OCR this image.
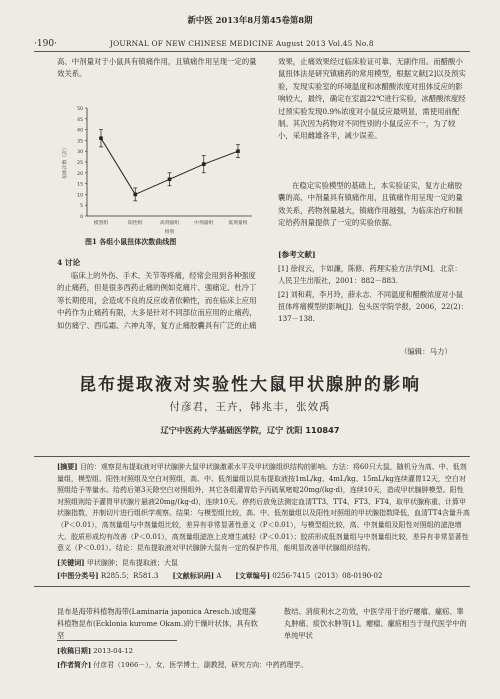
新中医 2013年8月第45卷第8期
·190·	JOURNAL OF NEW CHINESE MEDICINE August 2013 Vol.45 No.8
高、中剂量对于小鼠具有镇痛作用，且镇痛作用呈现一定的量效关系。
0
5
10
15
20
25
30
35
40
45
50
扭体次数（次）
模型组	阳性组	高剂量组	中剂量组	低剂量组
组别
图1 各组小鼠扭体次数曲线图
4 讨论
临床上的外伤、手术、关节等疼痛，经常会用到各种强度的止痛药，但是很多西药止痛的例如克痛片、强痛定、杜冷丁等长期使用，会造成不良的反应或者依赖性，而在临床上应用中药作为止痛药有限，大多是针对不同部位而应用的止痛药，如仿痛宁、西瓜霜、六神丸等，复方止痛胶囊具有广泛的止痛
效果，止痛效果经过临床验证可靠、无副作用。而醋酸小鼠扭体法是研究镇痛药的常用模型，根据文献[2]以及预实验，发现实验室的环境温度和冰醋酸浓度对扭体反应的影响较大，最终，确定在室温22℃进行实验，冰醋酸浓度经过预实验发现0.9%浓度对小鼠反应最明显，需使用前配制。其次因为药物对不同性别的小鼠反应不一，为了较小，采用雌雄各半，减少误差。
在稳定实验模型的基础上，本实验证实，复方止痛胶囊的高、中剂量具有镇痛作用，且镇痛作用呈现一定的量效关系，药物剂量越大，镇痛作用越强，为临床治疗和制定给药剂量提供了一定的实验依据。
[参考文献]
[1] 徐叔云，卞如濂，陈修．药理实验方法学[M]．北京：人民卫生出版社，2001：882－883.
[2] 刘和莉，李月玲，薛永志．不同温度和醋酸浓度对小鼠扭体疼痛模型的影响[J]．包头医学院学报，2006，22(2)：137－138.
（编辑：马力）
昆布提取液对实验性大鼠甲状腺肿的影响
付彦君，王卉，韩兆丰，张效禹
辽宁中医药大学基础医学院，辽宁 沈阳 110847
[摘要] 目的：观察昆布提取液对甲状腺肿大鼠甲状腺激素水平及甲状腺组织结构的影响。方法：将60只大鼠，随机分为高、中、低剂量组，模型组、阳性对照组及空白对照组，高、中、低剂量组以昆布提取液按1mL/kg、4mL/kg、15mL/kg连续灌胃12天，空白对照组给予等量水。给药后第3天除空白对照组外，其它各组灌胃给予丙硫氧嘧啶20mg/(kg·d)，连续10天，造成甲状腺肿模型。阳性对照组则给予灌胃甲状腺片悬液20mg/(kg·d)，连续10天。停药后放免法测定血清TT3、TT4、FT3、FT4，取甲状腺称重、计算甲状腺指数，并制切片进行组织学观察。结果：与模型组比较，高、中、低剂量组以及阳性对照组的甲状腺指数降低，血清TT4含量升高（P＜0.01），高剂量组与中剂量组比较，差异有非常显著性意义（P＜0.01），与模型组比较，高、中剂量组及阳性对照组的滤泡增大、胶质形成均有改善（P＜0.01），高剂量组滤泡上皮增生减轻（P＜0.01）；胶质形成低剂量组与中剂量组比较，差异有非常显著性意义（P＜0.01）。结论：昆布提取液对甲状腺肿大鼠有一定的保护作用，能明显改善甲状腺组织结构。
[关键词] 甲状腺肿；昆布提取液；大鼠
[中图分类号] R285.5；R581.3 [文献标识码] A [文章编号] 0256-7415（2013）08-0190-02
昆布是海带科植物海带(Laminaria japonica Aresch.)或翅藻科植物昆布(Ecklonia kurome Okam.)的干燥叶状体，具有软坚
散结、消痰利水之功效，中医学用于治疗瘿瘤、瘰疬、睾丸肿痛、痰饮水肿等[1]。瘿瘤、瘰疬相当于现代医学中的单纯甲状
[收稿日期] 2013-04-12
[作者简介] 付彦君（1966－），女，医学博士，副教授，研究方向：中药药理学。
